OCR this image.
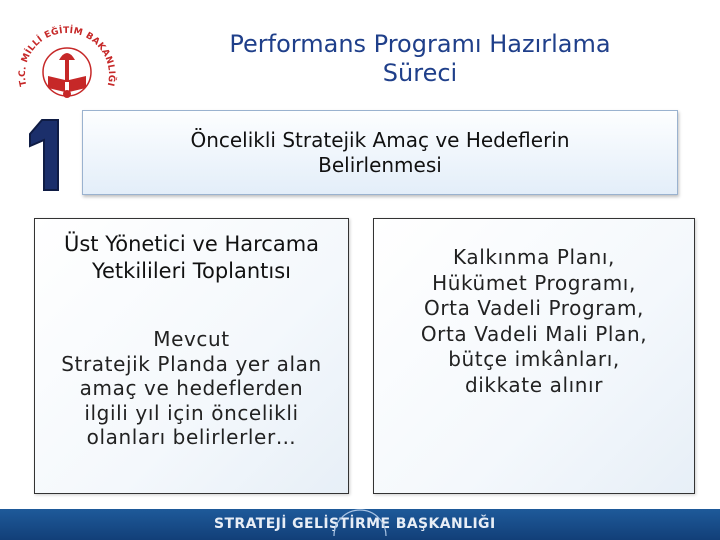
T.C. MİLLİ EĞİTİM BAKANLIĞI
Performans Programı Hazırlama
Süreci
Öncelikli Stratejik Amaç ve Hedeflerin
Belirlenmesi
Üst Yönetici ve Harcama
Yetkilileri Toplantısı
Mevcut
Stratejik Planda yer alan
amaç ve hedeflerden
ilgili yıl için öncelikli
olanları belirlerler…
Kalkınma Planı,
Hükümet Programı,
Orta Vadeli Program,
Orta Vadeli Mali Plan,
bütçe imkânları,
dikkate alınır
STRATEJİ GELİŞTİRME BAŞKANLIĞI
